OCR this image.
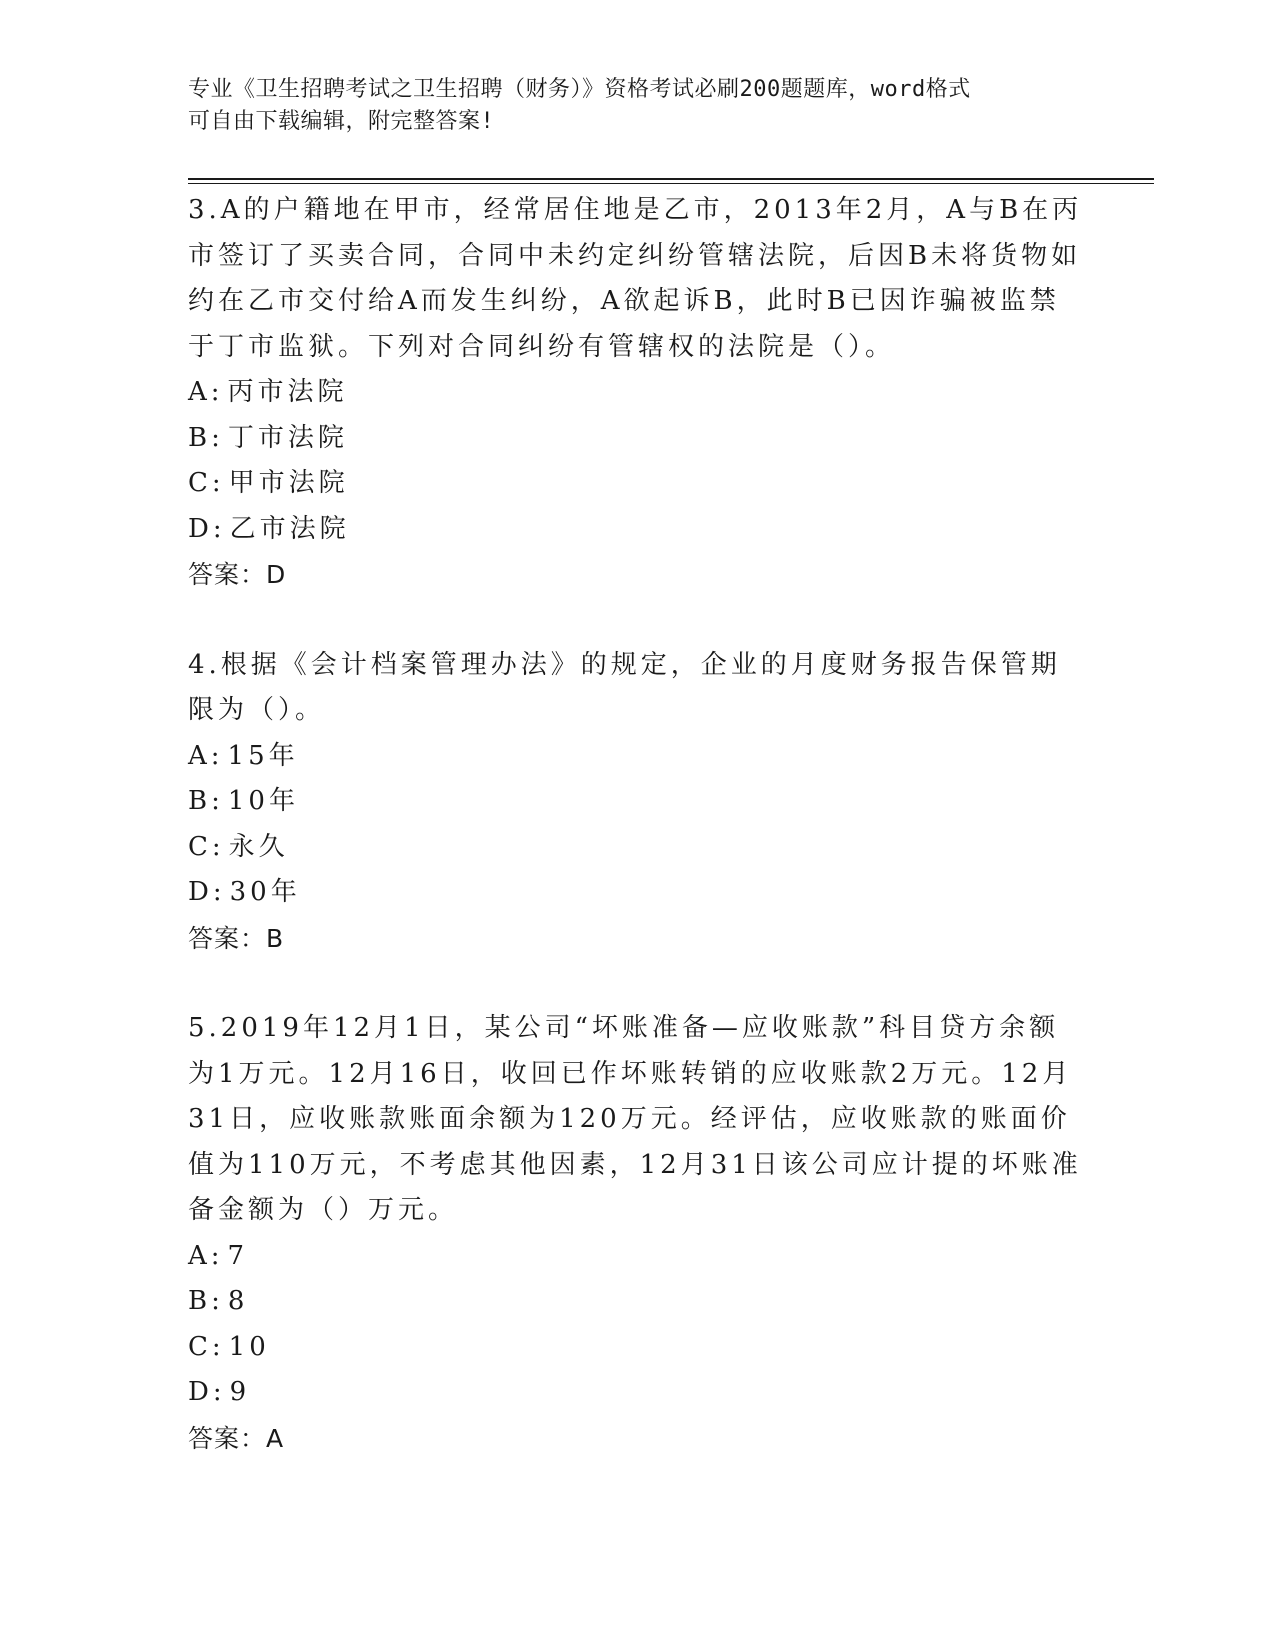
专业《卫生招聘考试之卫生招聘（财务）》资格考试必刷200题题库，word格式
可自由下载编辑，附完整答案!

3.A的户籍地在甲市，经常居住地是乙市，2013年2月，A与B在丙市签订了买卖合同，合同中未约定纠纷管辖法院，后因B未将货物如约在乙市交付给A而发生纠纷，A欲起诉B，此时B已因诈骗被监禁于丁市监狱。下列对合同纠纷有管辖权的法院是（）。

A: 丙市法院

B: 丁市法院

C: 甲市法院

D: 乙市法院

答案：D

4.根据《会计档案管理办法》的规定，企业的月度财务报告保管期限为（）。

A: 15年

B: 10年

C: 永久

D: 30年

答案：B

5.2019年12月1日，某公司“坏账准备—应收账款”科目贷方余额为1万元。12月16日，收回已作坏账转销的应收账款2万元。12月31日，应收账款账面余额为120万元。经评估，应收账款的账面价值为110万元，不考虑其他因素，12月31日该公司应计提的坏账准备金额为（）万元。

A: 7

B: 8

C: 10

D: 9

答案：A
